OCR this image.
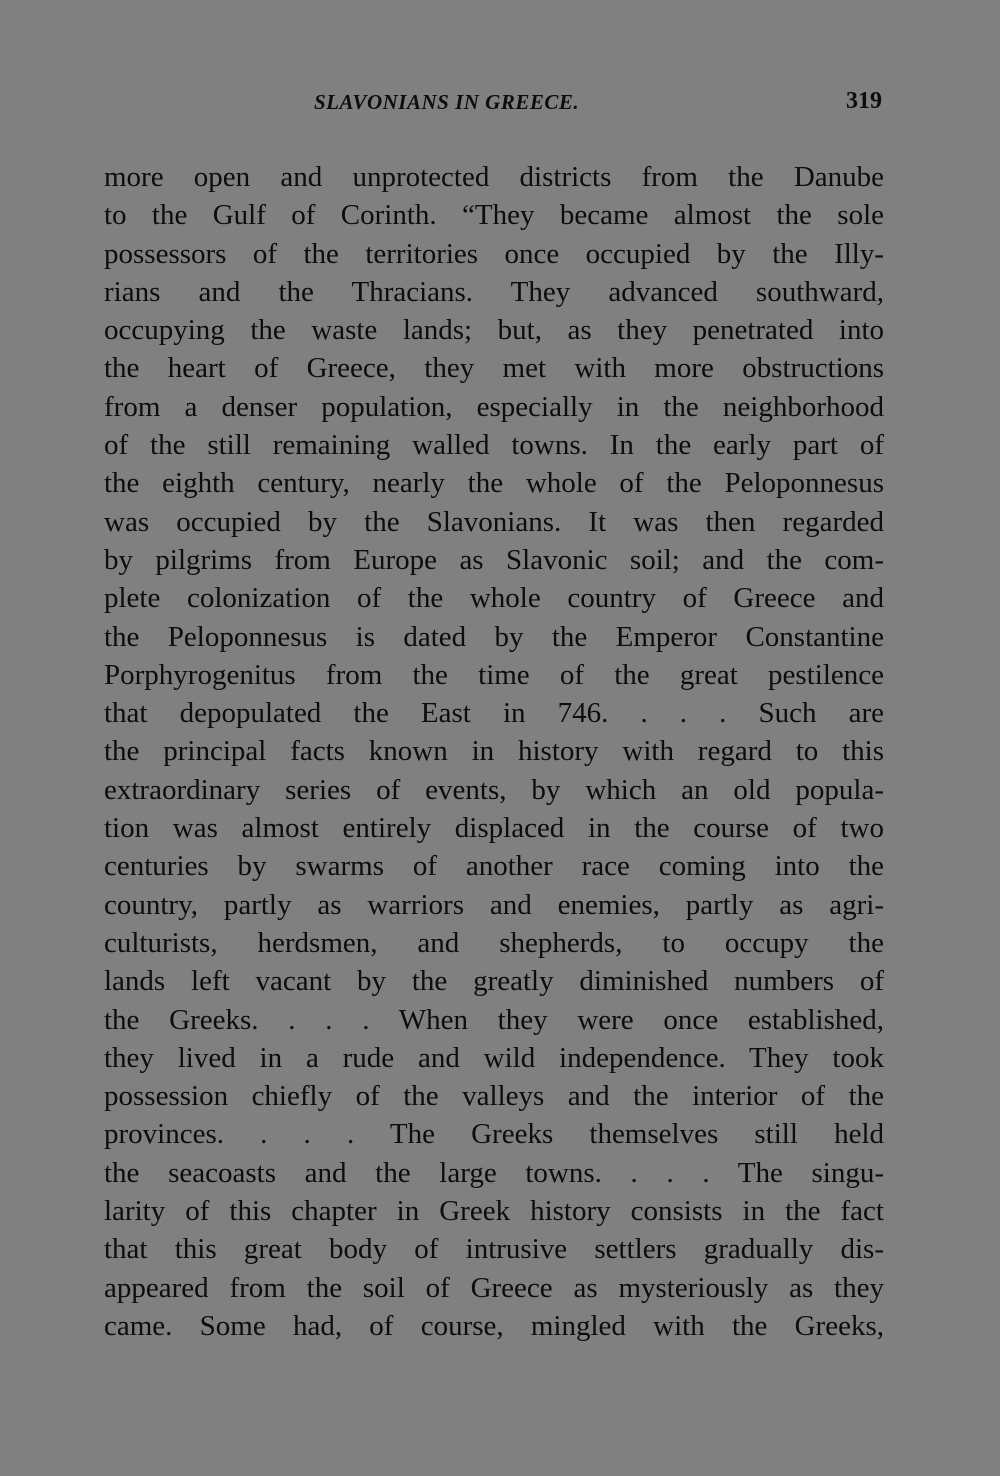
SLAVONIANS IN GREECE.	319
more open and unprotected districts from the Danube
to the Gulf of Corinth. “They became almost the sole
possessors of the territories once occupied by the Illy-
rians and the Thracians. They advanced southward,
occupying the waste lands; but, as they penetrated into
the heart of Greece, they met with more obstructions
from a denser population, especially in the neighborhood
of the still remaining walled towns. In the early part of
the eighth century, nearly the whole of the Peloponnesus
was occupied by the Slavonians. It was then regarded
by pilgrims from Europe as Slavonic soil; and the com-
plete colonization of the whole country of Greece and
the Peloponnesus is dated by the Emperor Constantine
Porphyrogenitus from the time of the great pestilence
that depopulated the East in 746. . . . Such are
the principal facts known in history with regard to this
extraordinary series of events, by which an old popula-
tion was almost entirely displaced in the course of two
centuries by swarms of another race coming into the
country, partly as warriors and enemies, partly as agri-
culturists, herdsmen, and shepherds, to occupy the
lands left vacant by the greatly diminished numbers of
the Greeks. . . . When they were once established,
they lived in a rude and wild independence. They took
possession chiefly of the valleys and the interior of the
provinces. . . . The Greeks themselves still held
the seacoasts and the large towns. . . . The singu-
larity of this chapter in Greek history consists in the fact
that this great body of intrusive settlers gradually dis-
appeared from the soil of Greece as mysteriously as they
came. Some had, of course, mingled with the Greeks,
